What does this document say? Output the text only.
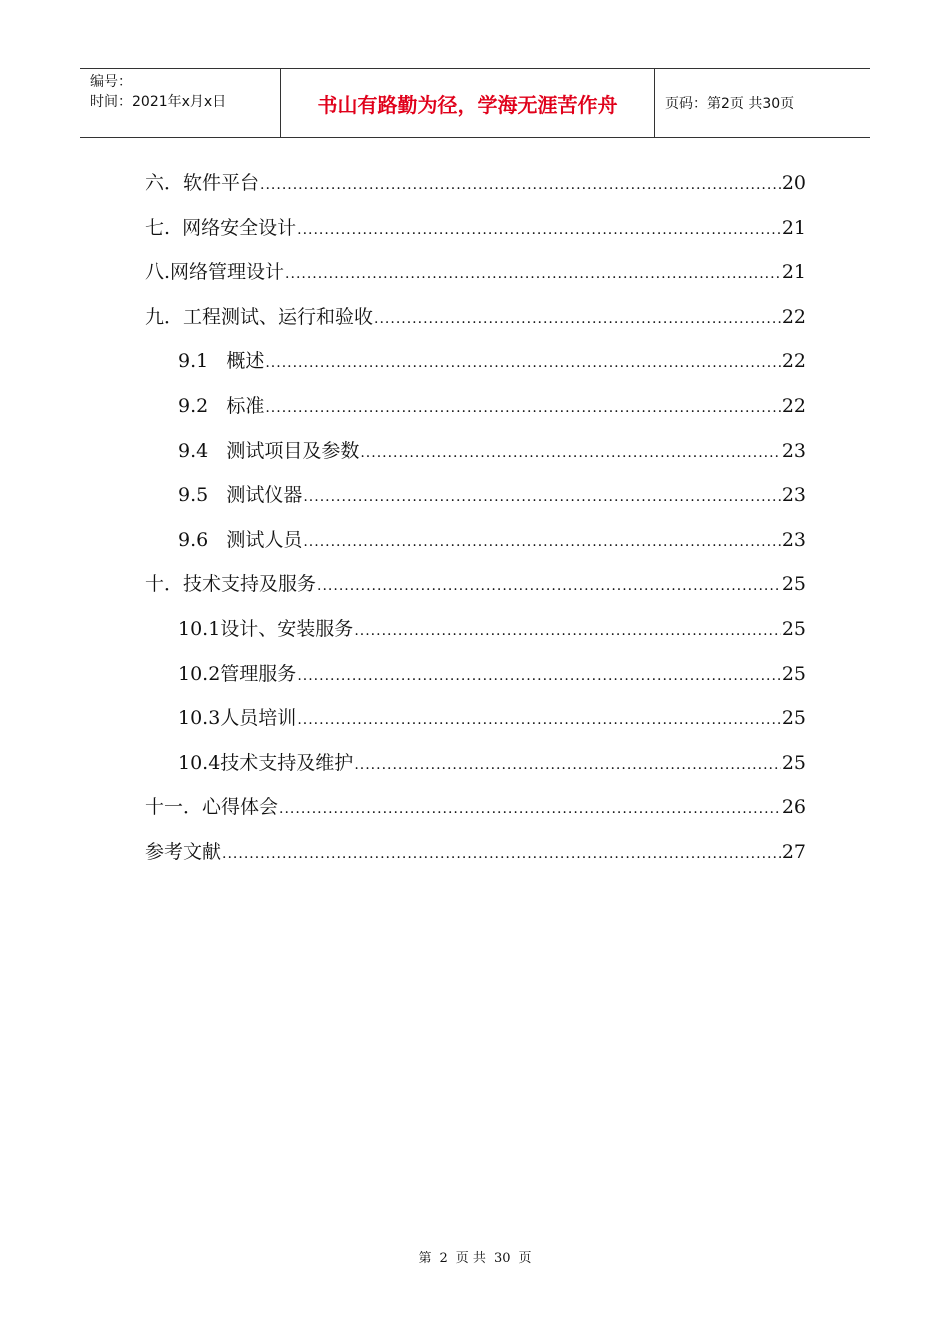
编号：
时间：2021年x月x日	书山有路勤为径，学海无涯苦作舟	页码：第2页 共30页
六．软件平台 .....	20
七.  网络安全设计 .....	21
八.网络管理设计 .....	21
九．工程测试、运行和验收 .....	22
9.1   概述 .....	22
9.2   标准 .....	22
9.4   测试项目及参数 .....	23
9.5   测试仪器 .....	23
9.6   测试人员 .....	23
十．技术支持及服务 .....	25
10.1设计、安装服务 .....	25
10.2管理服务 .....	25
10.3人员培训 .....	25
10.4技术支持及维护 .....	25
十一．心得体会 .....	26
参考文献 .....	27
第 2 页 共 30 页
